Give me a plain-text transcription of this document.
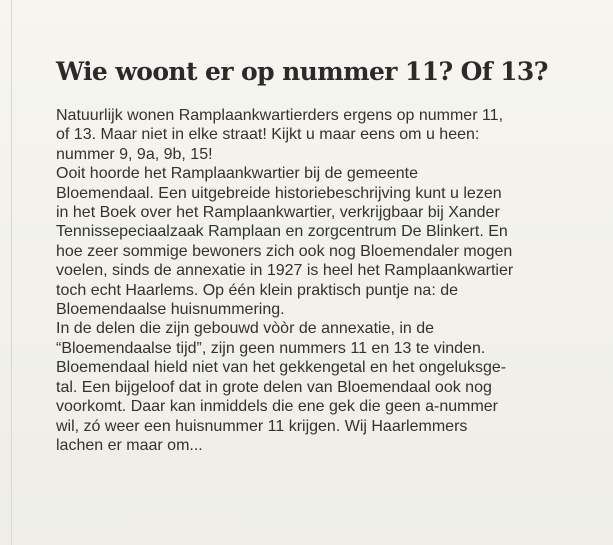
Wie woont er op nummer 11? Of 13?
Natuurlijk wonen Ramplaankwartierders ergens op nummer 11,
of 13. Maar niet in elke straat! Kijkt u maar eens om u heen:
nummer 9, 9a, 9b, 15!
Ooit hoorde het Ramplaankwartier bij de gemeente
Bloemendaal. Een uitgebreide historiebeschrijving kunt u lezen
in het Boek over het Ramplaankwartier, verkrijgbaar bij Xander
Tennissepeciaalzaak Ramplaan en zorgcentrum De Blinkert. En
hoe zeer sommige bewoners zich ook nog Bloemendaler mogen
voelen, sinds de annexatie in 1927 is heel het Ramplaankwartier
toch echt Haarlems. Op één klein praktisch puntje na: de
Bloemendaalse huisnummering.
In de delen die zijn gebouwd vòòr de annexatie, in de
“Bloemendaalse tijd”, zijn geen nummers 11 en 13 te vinden.
Bloemendaal hield niet van het gekkengetal en het ongeluksge-
tal. Een bijgeloof dat in grote delen van Bloemendaal ook nog
voorkomt. Daar kan inmiddels die ene gek die geen a-nummer
wil, zó weer een huisnummer 11 krijgen. Wij Haarlemmers
lachen er maar om...
